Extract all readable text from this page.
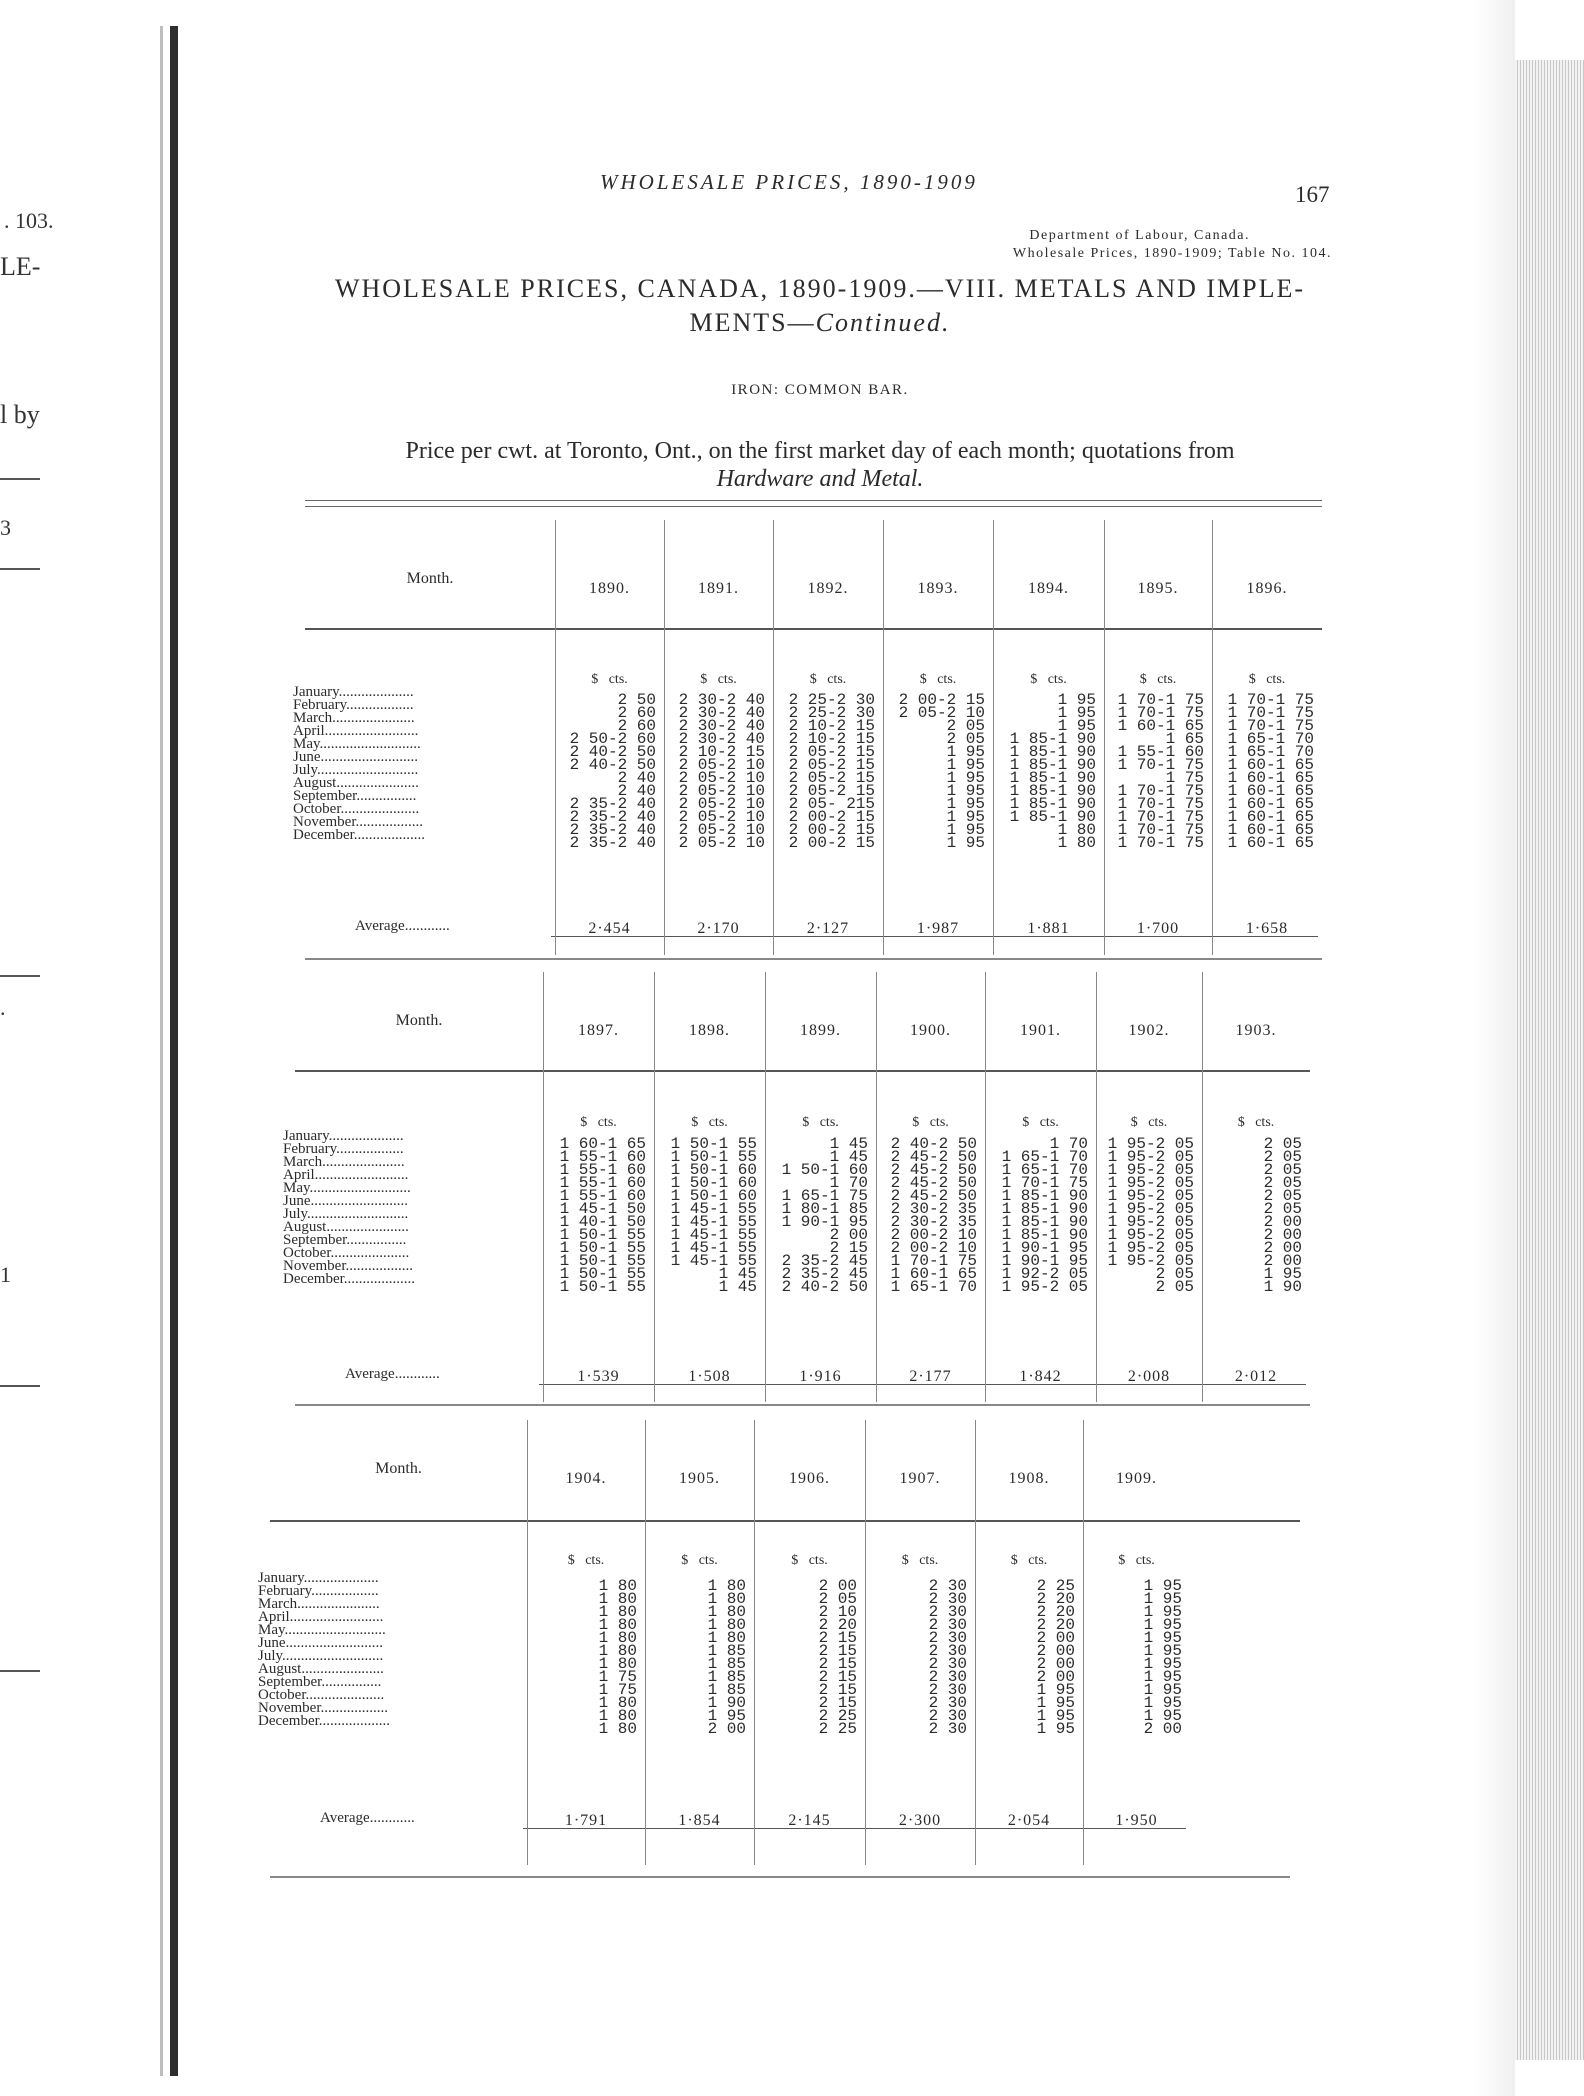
. 103.
LE-
l by
3
.
1
WHOLESALE PRICES, 1890-1909	167
Department of Labour, Canada.
Wholesale Prices, 1890-1909; Table No. 104.
WHOLESALE PRICES, CANADA, 1890-1909.—VIII. METALS AND IMPLE-
MENTS—Continued.
IRON: COMMON BAR.
Price per cwt. at Toronto, Ont., on the first market day of each month; quotations from
Hardware and Metal.
Month.
1890.
$   cts.
2 50
2 60
2 60
2 50-2 60
2 40-2 50
2 40-2 50
2 40
2 40
2 35-2 40
2 35-2 40
2 35-2 40
2 35-2 40
2·454
1891.
$   cts.
2 30-2 40
2 30-2 40
2 30-2 40
2 30-2 40
2 10-2 15
2 05-2 10
2 05-2 10
2 05-2 10
2 05-2 10
2 05-2 10
2 05-2 10
2 05-2 10
2·170
1892.
$   cts.
2 25-2 30
2 25-2 30
2 10-2 15
2 10-2 15
2 05-2 15
2 05-2 15
2 05-2 15
2 05-2 15
2 05- 215
2 00-2 15
2 00-2 15
2 00-2 15
2·127
1893.
$   cts.
2 00-2 15
2 05-2 10
2 05
2 05
1 95
1 95
1 95
1 95
1 95
1 95
1 95
1 95
1·987
1894.
$   cts.
1 95
1 95
1 95
1 85-1 90
1 85-1 90
1 85-1 90
1 85-1 90
1 85-1 90
1 85-1 90
1 85-1 90
1 80
1 80
1·881
1895.
$   cts.
1 70-1 75
1 70-1 75
1 60-1 65
1 65
1 55-1 60
1 70-1 75
1 75
1 70-1 75
1 70-1 75
1 70-1 75
1 70-1 75
1 70-1 75
1·700
1896.
$   cts.
1 70-1 75
1 70-1 75
1 70-1 75
1 65-1 70
1 65-1 70
1 60-1 65
1 60-1 65
1 60-1 65
1 60-1 65
1 60-1 65
1 60-1 65
1 60-1 65
1·658
January....................
February..................
March......................
April.........................
May...........................
June..........................
July...........................
August......................
September................
October.....................
November..................
December...................
Average............
Month.
1897.
$   cts.
1 60-1 65
1 55-1 60
1 55-1 60
1 55-1 60
1 55-1 60
1 45-1 50
1 40-1 50
1 50-1 55
1 50-1 55
1 50-1 55
1 50-1 55
1 50-1 55
1·539
1898.
$   cts.
1 50-1 55
1 50-1 55
1 50-1 60
1 50-1 60
1 50-1 60
1 45-1 55
1 45-1 55
1 45-1 55
1 45-1 55
1 45-1 55
1 45
1 45
1·508
1899.
$   cts.
1 45
1 45
1 50-1 60
1 70
1 65-1 75
1 80-1 85
1 90-1 95
2 00
2 15
2 35-2 45
2 35-2 45
2 40-2 50
1·916
1900.
$   cts.
2 40-2 50
2 45-2 50
2 45-2 50
2 45-2 50
2 45-2 50
2 30-2 35
2 30-2 35
2 00-2 10
2 00-2 10
1 70-1 75
1 60-1 65
1 65-1 70
2·177
1901.
$   cts.
1 70
1 65-1 70
1 65-1 70
1 70-1 75
1 85-1 90
1 85-1 90
1 85-1 90
1 85-1 90
1 90-1 95
1 90-1 95
1 92-2 05
1 95-2 05
1·842
1902.
$   cts.
1 95-2 05
1 95-2 05
1 95-2 05
1 95-2 05
1 95-2 05
1 95-2 05
1 95-2 05
1 95-2 05
1 95-2 05
1 95-2 05
2 05
2 05
2·008
1903.
$   cts.
2 05
2 05
2 05
2 05
2 05
2 05
2 00
2 00
2 00
2 00
1 95
1 90
2·012
January....................
February..................
March......................
April.........................
May...........................
June..........................
July...........................
August......................
September................
October.....................
November..................
December...................
Average............
Month.
1904.
$   cts.
1 80
1 80
1 80
1 80
1 80
1 80
1 80
1 75
1 75
1 80
1 80
1 80
1·791
1905.
$   cts.
1 80
1 80
1 80
1 80
1 80
1 85
1 85
1 85
1 85
1 90
1 95
2 00
1·854
1906.
$   cts.
2 00
2 05
2 10
2 20
2 15
2 15
2 15
2 15
2 15
2 15
2 25
2 25
2·145
1907.
$   cts.
2 30
2 30
2 30
2 30
2 30
2 30
2 30
2 30
2 30
2 30
2 30
2 30
2·300
1908.
$   cts.
2 25
2 20
2 20
2 20
2 00
2 00
2 00
2 00
1 95
1 95
1 95
1 95
2·054
1909.
$   cts.
1 95
1 95
1 95
1 95
1 95
1 95
1 95
1 95
1 95
1 95
1 95
2 00
1·950
January....................
February..................
March......................
April.........................
May...........................
June..........................
July...........................
August......................
September................
October.....................
November..................
December...................
Average............
